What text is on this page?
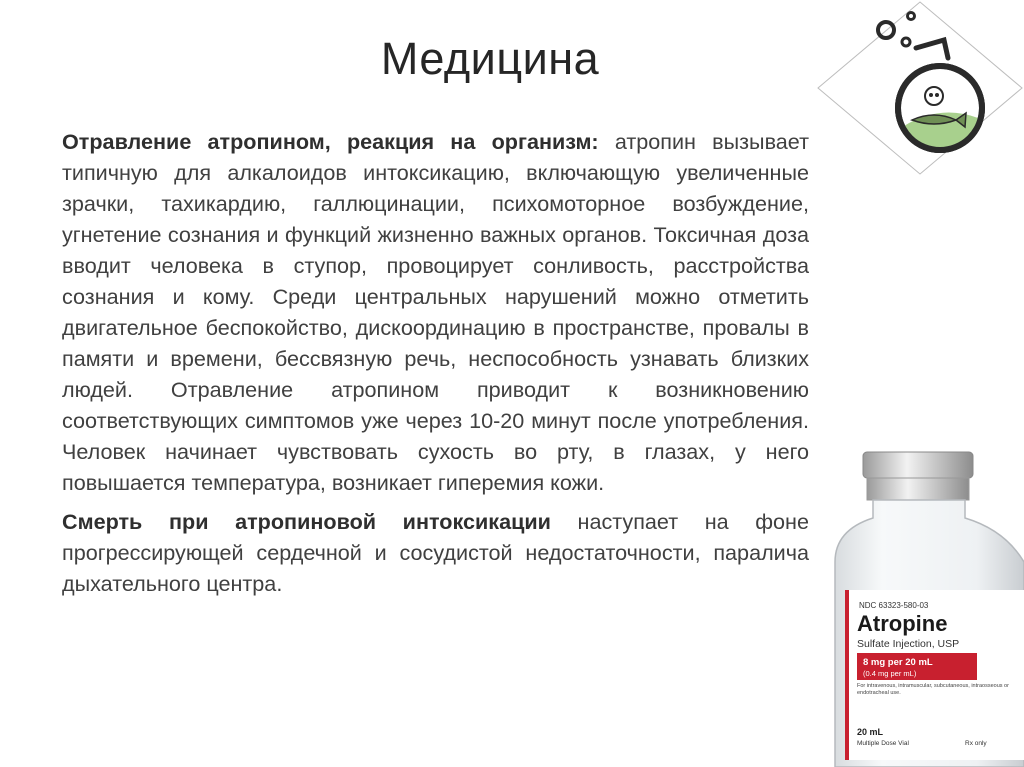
Медицина

Отравление атропином, реакция на организм: атропин вызывает типичную для алкалоидов интоксикацию, включающую увеличенные зрачки, тахикардию, галлюцинации, психомоторное возбуждение, угнетение сознания и функций жизненно важных органов. Токсичная доза вводит человека в ступор, провоцирует сонливость, расстройства сознания и кому. Среди центральных нарушений можно отметить двигательное беспокойство, дискоординацию в пространстве, провалы в памяти и времени, бессвязную речь, неспособность узнавать близких людей. Отравление атропином приводит к возникновению соответствующих симптомов уже через 10-20 минут после употребления. Человек начинает чувствовать сухость во рту, в глазах, у него повышается температура, возникает гиперемия кожи.

Смерть при атропиновой интоксикации наступает на фоне прогрессирующей сердечной и сосудистой недостаточности, паралича дыхательного центра.

NDC 63323-580-03
Atropine
Sulfate Injection, USP
8 mg per 20 mL
(0.4 mg per mL)
For intravenous, intramuscular, subcutaneous, intraosseous or endotracheal use.
20 mL
Multiple Dose Vial	Rx only
